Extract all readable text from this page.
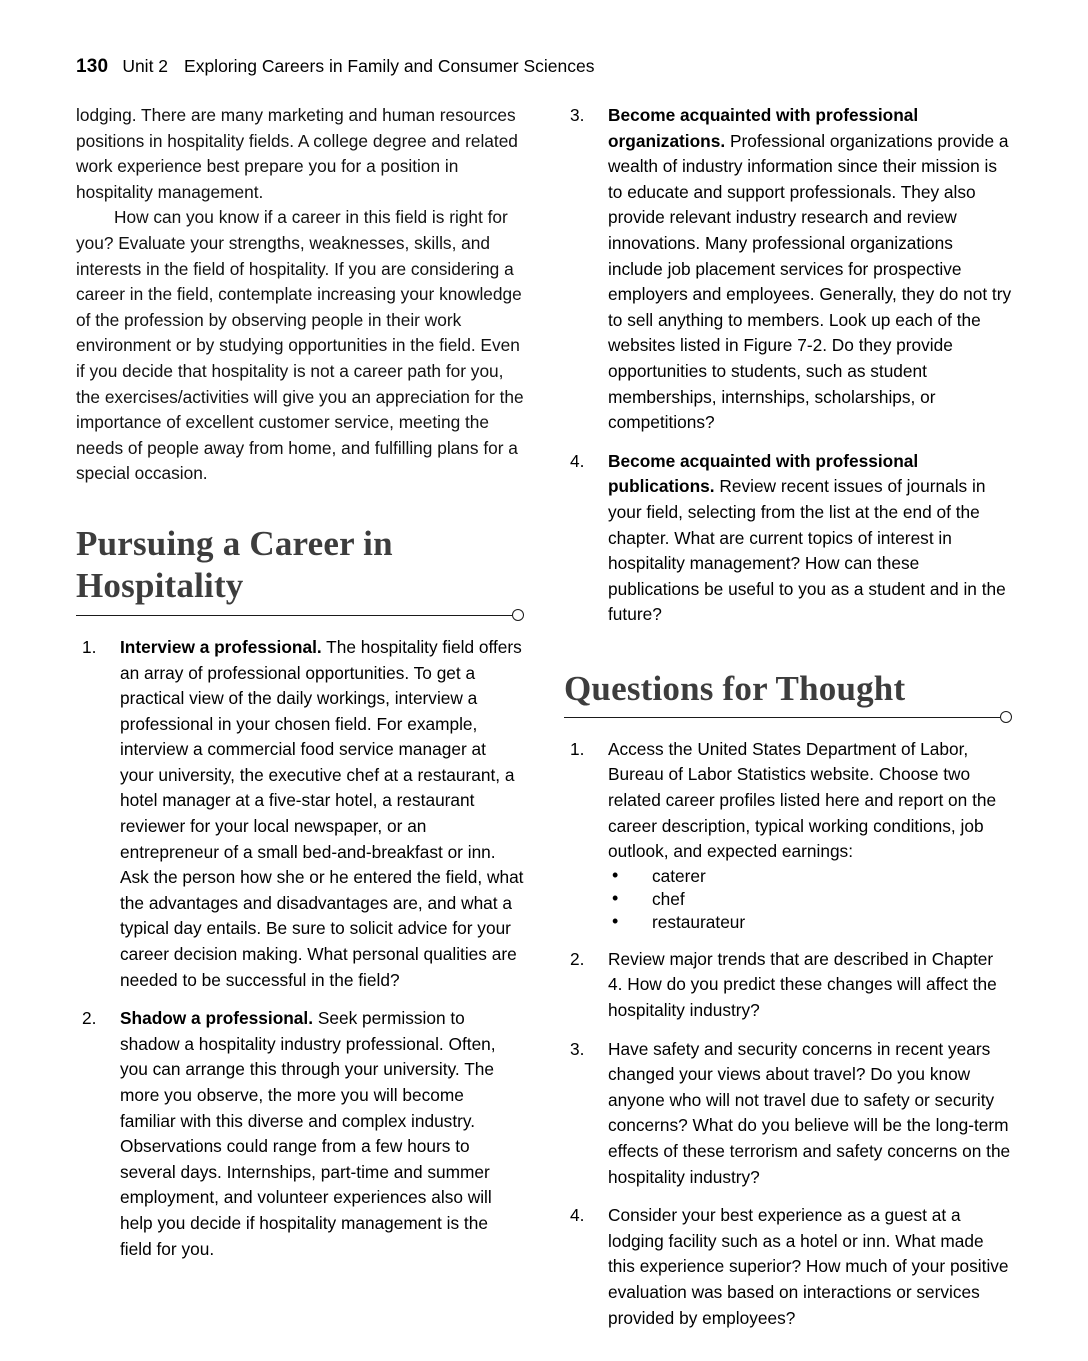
130 Unit 2 Exploring Careers in Family and Consumer Sciences

lodging. There are many marketing and human resources positions in hospitality fields. A college degree and related work experience best prepare you for a position in hospitality management.

How can you know if a career in this field is right for you? Evaluate your strengths, weaknesses, skills, and interests in the field of hospitality. If you are considering a career in the field, contemplate increasing your knowledge of the profession by observing people in their work environment or by studying opportunities in the field. Even if you decide that hospitality is not a career path for you, the exercises/activities will give you an appreciation for the importance of excellent customer service, meeting the needs of people away from home, and fulfilling plans for a special occasion.

Pursuing a Career in Hospitality
1.	Interview a professional. The hospitality field offers an array of professional opportunities. To get a practical view of the daily workings, interview a professional in your chosen field. For example, interview a commercial food service manager at your university, the executive chef at a restaurant, a hotel manager at a five-star hotel, a restaurant reviewer for your local newspaper, or an entrepreneur of a small bed-and-breakfast or inn. Ask the person how she or he entered the field, what the advantages and disadvantages are, and what a typical day entails. Be sure to solicit advice for your career decision making. What personal qualities are needed to be successful in the field?
2.	Shadow a professional. Seek permission to shadow a hospitality industry professional. Often, you can arrange this through your university. The more you observe, the more you will become familiar with this diverse and complex industry. Observations could range from a few hours to several days. Internships, part-time and summer employment, and volunteer experiences also will help you decide if hospitality management is the field for you.
3.	Become acquainted with professional organizations. Professional organizations provide a wealth of industry information since their mission is to educate and support professionals. They also provide relevant industry research and review innovations. Many professional organizations include job placement services for prospective employers and employees. Generally, they do not try to sell anything to members. Look up each of the websites listed in Figure 7-2. Do they provide opportunities to students, such as student memberships, internships, scholarships, or competitions?
4.	Become acquainted with professional publications. Review recent issues of journals in your field, selecting from the list at the end of the chapter. What are current topics of interest in hospitality management? How can these publications be useful to you as a student and in the future?
Questions for Thought
1.	Access the United States Department of Labor, Bureau of Labor Statistics website. Choose two related career profiles listed here and report on the career description, typical working conditions, job outlook, and expected earnings:
• caterer
• chef
• restaurateur
2.	Review major trends that are described in Chapter 4. How do you predict these changes will affect the hospitality industry?
3.	Have safety and security concerns in recent years changed your views about travel? Do you know anyone who will not travel due to safety or security concerns? What do you believe will be the long-term effects of these terrorism and safety concerns on the hospitality industry?
4.	Consider your best experience as a guest at a lodging facility such as a hotel or inn. What made this experience superior? How much of your positive evaluation was based on interactions or services provided by employees?
